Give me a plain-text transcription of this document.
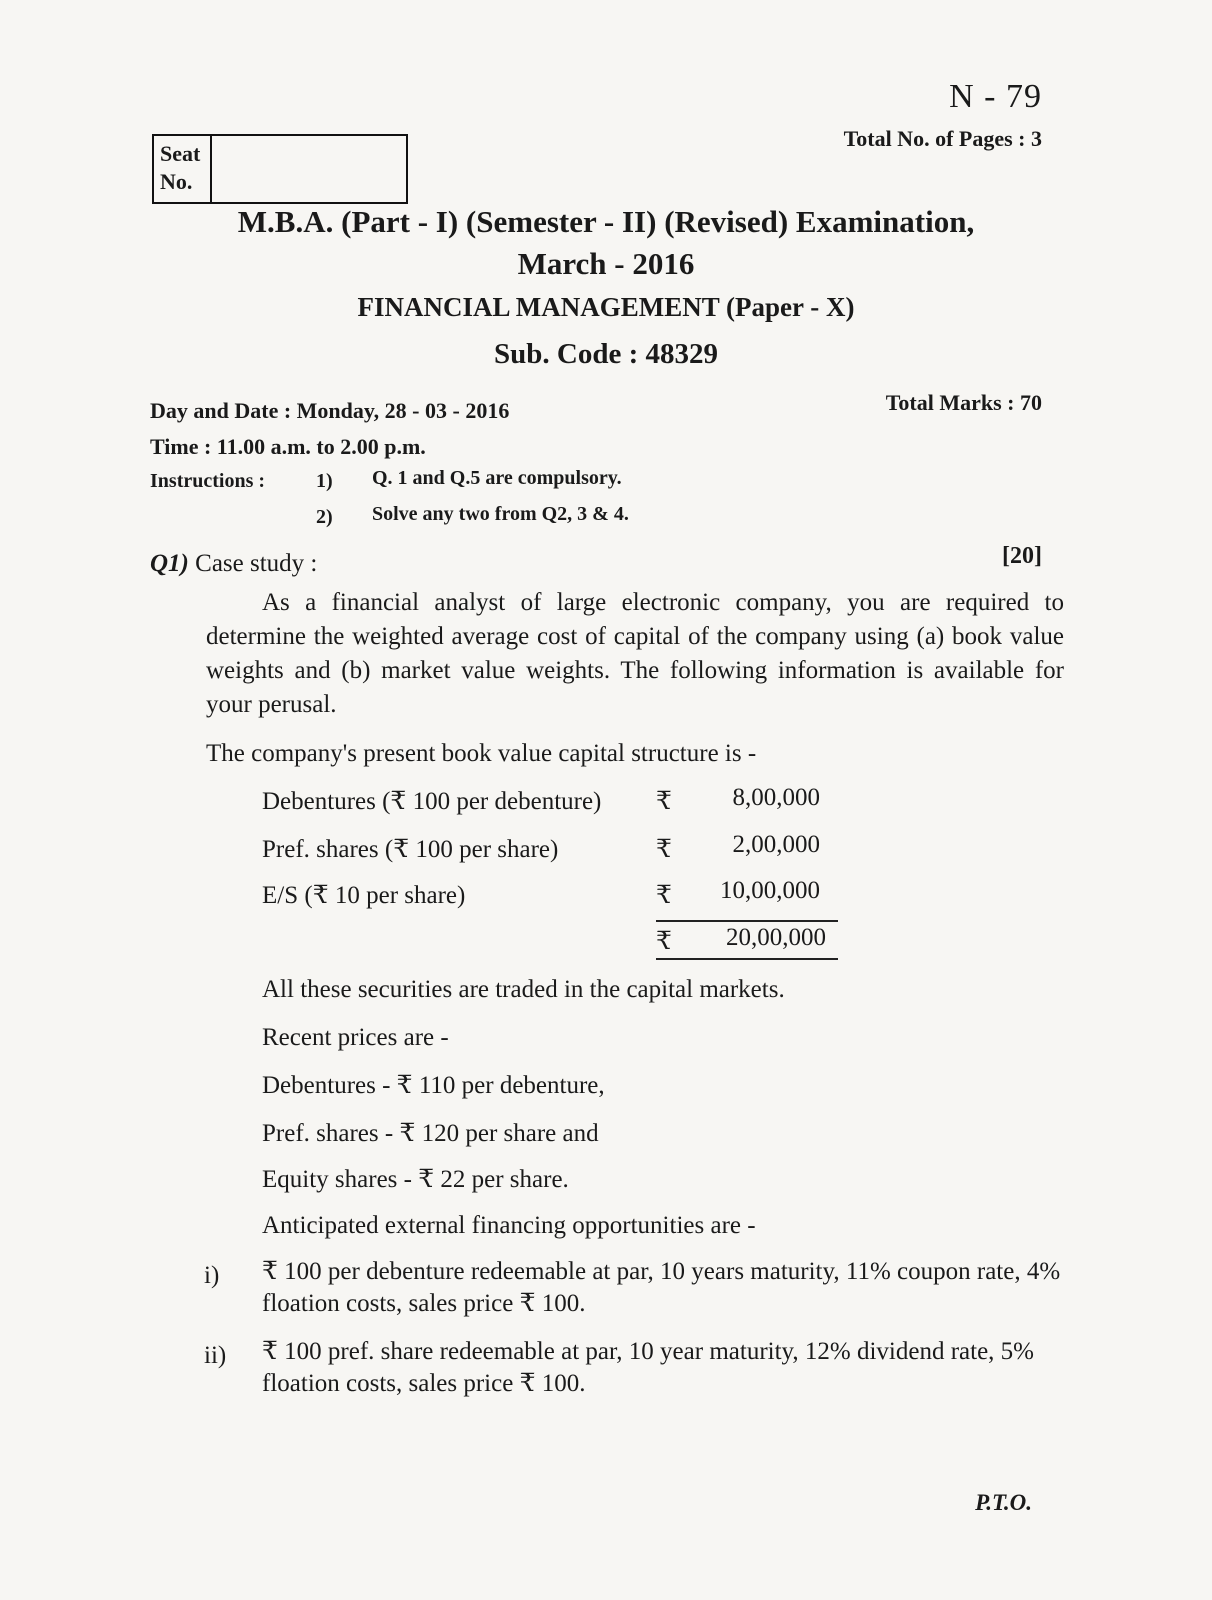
N - 79
Total No. of Pages : 3
Seat No.
M.B.A. (Part - I) (Semester - II) (Revised) Examination,
March - 2016
FINANCIAL MANAGEMENT (Paper - X)
Sub. Code : 48329
Day and Date : Monday, 28 - 03 - 2016	Total Marks : 70
Time : 11.00 a.m. to 2.00 p.m.
Instructions :	1) Q. 1 and Q.5 are compulsory.
2) Solve any two from Q2, 3 & 4.
Q1) Case study :	[20]
As a financial analyst of large electronic company, you are required to determine the weighted average cost of capital of the company using (a) book value weights and (b) market value weights. The following information is available for your perusal.
The company's present book value capital structure is -
Debentures (₹ 100 per debenture) ₹ 8,00,000
Pref. shares (₹ 100 per share)	₹ 2,00,000
E/S (₹ 10 per share)	₹ 10,00,000
₹ 20,00,000
All these securities are traded in the capital markets.
Recent prices are -
Debentures - ₹ 110 per debenture,
Pref. shares - ₹ 120 per share and
Equity shares - ₹ 22 per share.
Anticipated external financing opportunities are -
i) ₹ 100 per debenture redeemable at par, 10 years maturity, 11% coupon rate, 4% floation costs, sales price ₹ 100.
ii) ₹ 100 pref. share redeemable at par, 10 year maturity, 12% dividend rate, 5% floation costs, sales price ₹ 100.
P.T.O.
